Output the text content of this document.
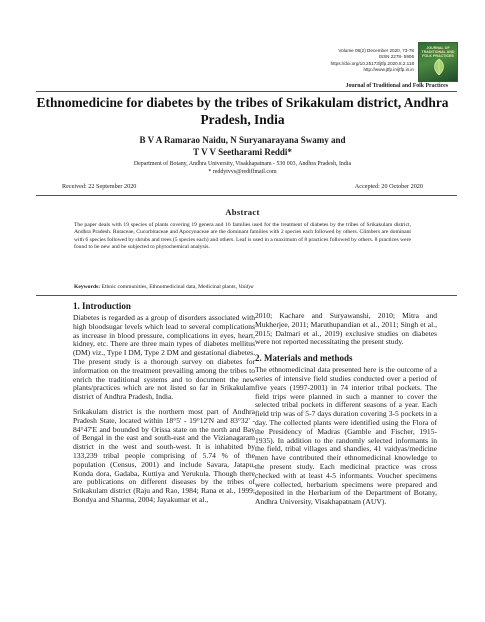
Volume 08(2) December 2020, 73-78
ISSN 2278- 5906
https://doi.org/10.25173/jtfp.2020.8.2.118
http://www.jtfp.in/jtfp.in.in
JOURNAL OF TRADITIONAL AND FOLK PRACTICES
Journal of Traditional and Folk Practices
Ethnomedicine for diabetes by the tribes of Srikakulam district, Andhra Pradesh, India
B V A Ramarao Naidu, N Suryanarayana Swamy and
T V V Seetharami Reddi*
Department of Botany, Andhra University, Visakhapatnam - 530 003, Andhra Pradesh, India
* reddytvvs@rediffmail.com
Received: 22 September 2020	Accepted: 20 October 2020
Abstract

The paper deals with 19 species of plants covering 19 genera and 16 families used for the treatment of diabetes by the tribes of Srikakulam district, Andhra Pradesh. Rutaceae, Cucurbitaceae and Apocynaceae are the dominant families with 2 species each followed by others. Climbers are dominant with 6 species followed by shrubs and trees (5 species each) and others. Leaf is used in a maximum of 8 practices followed by others. 8 practices were found to be new and be subjected to phytochemical analysis.

Keywords: Ethnic communities, Ethnomedicinal data, Medicinal plants, Vaidya
1. Introduction

Diabetes is regarded as a group of disorders associated with high bloodsugar levels which lead to several complications as increase in blood pressure, complications in eyes, heart, kidney, etc. There are three main types of diabetes mellitus (DM) viz., Type I DM, Type 2 DM and gestational diabetes. The present study is a thorough survey on diabetes for information on the treatment prevailing among the tribes to enrich the traditional systems and to document the new plants/practices which are not listed so far in Srikakulam district of Andhra Pradesh, India.

Srikakulam district is the northern most part of Andhra Pradesh State, located within 18°5' - 19°12'N and 83°32' - 84°47'E and bounded by Orissa state on the north and Bay of Bengal in the east and south-east and the Vizianagaram district in the west and south-west. It is inhabited by 133,239 tribal people comprising of 5.74 % of the population (Census, 2001) and include Savara, Jatapu, Konda dora, Gadaba, Kuttiya and Yerukula. Though there are publications on different diseases by the tribes of Srikakulam district (Raju and Rao, 1984; Rana et al., 1999; Bondya and Sharma, 2004; Jayakumar et al.,

2010; Kachare and Suryawanshi, 2010; Mitra and Mukherjee, 2011; Maruthupandian et al., 2011; Singh et al., 2015; Dalmari et al., 2019) exclusive studies on diabetes were not reported necessitating the present study.

2. Materials and methods

The ethnomedicinal data presented here is the outcome of a series of intensive field studies conducted over a period of five years (1997-2001) in 74 interior tribal pockets. The field trips were planned in such a manner to cover the selected tribal pockets in different seasons of a year. Each field trip was of 5-7 days duration covering 3-5 pockets in a day. The collected plants were identified using the Flora of the Presidency of Madras (Gamble and Fischer, 1915-1935). In addition to the randomly selected informants in the field, tribal villages and shandies, 41 vaidyas/medicine men have contributed their ethnomedicinal knowledge to the present study. Each medicinal practice was cross checked with at least 4-5 informants. Voucher specimens were collected, herbarium specimens were prepared and deposited in the Herbarium of the Department of Botany, Andhra University, Visakhapatnam (AUV).
